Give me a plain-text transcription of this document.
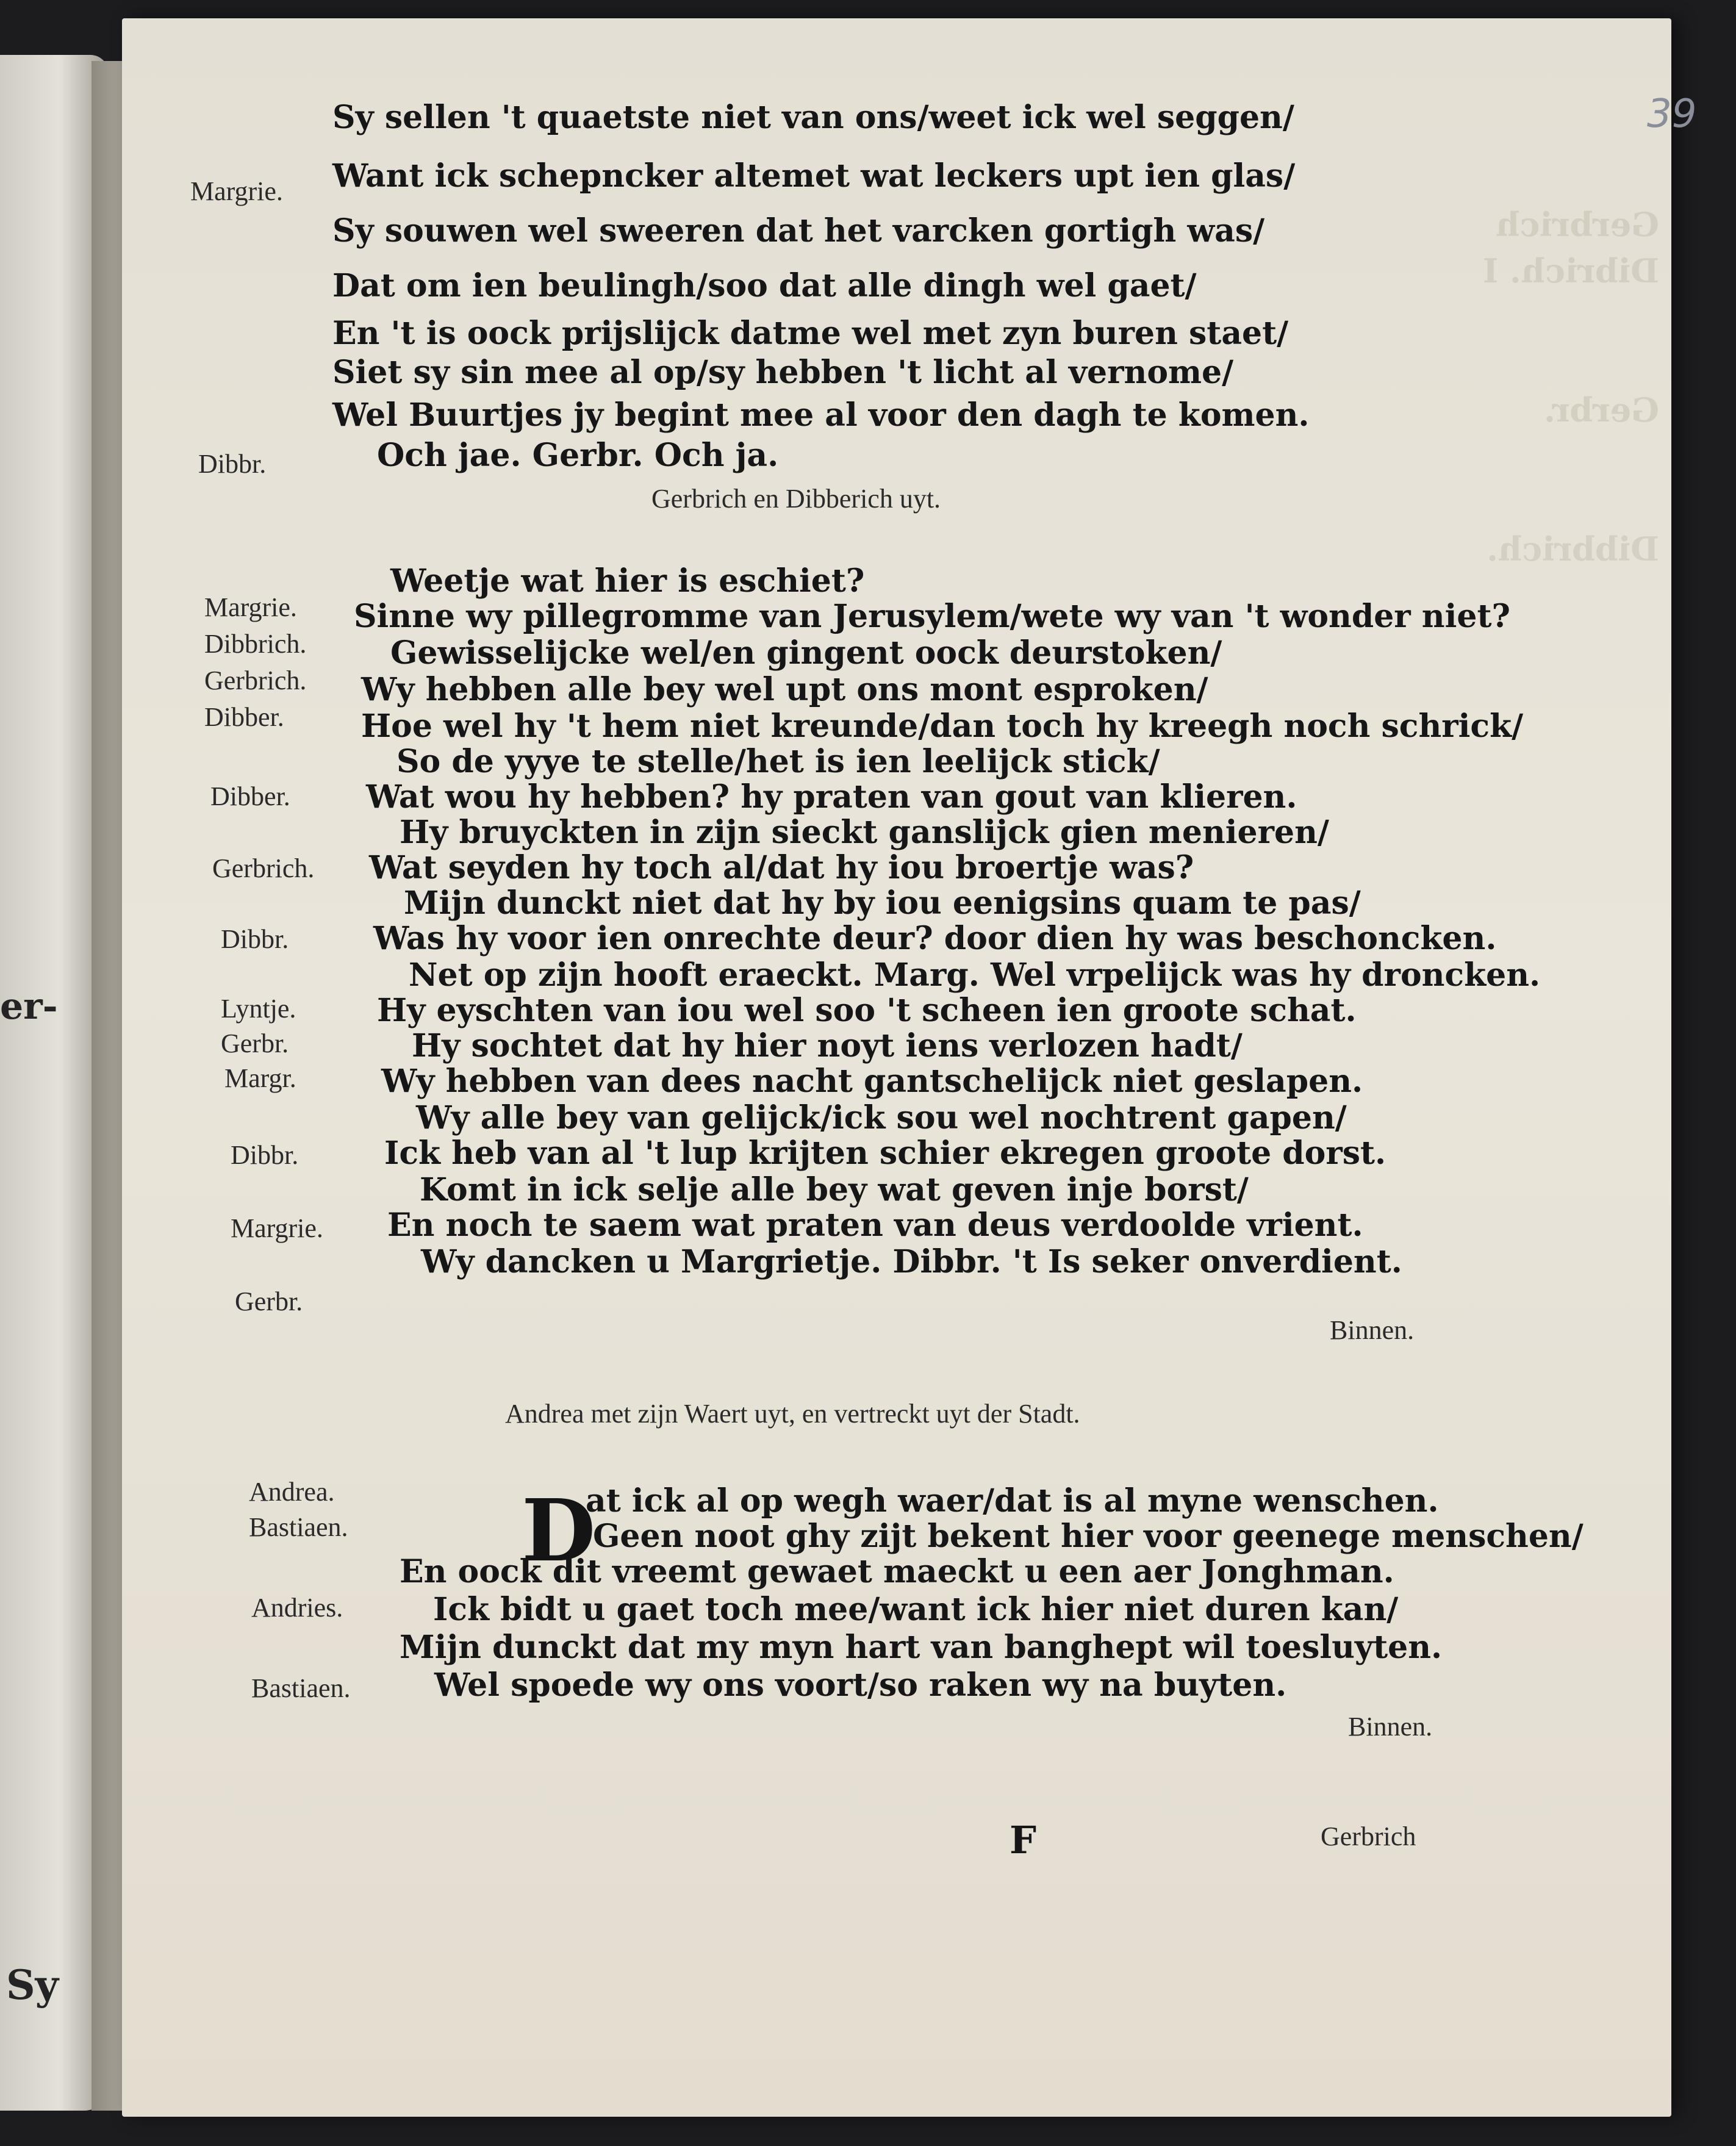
er-
Sy
39
Gerbrich
Dibrich. I

Gerbr.

Dibbrich.
Margrie.
Sy sellen 't quaetste niet van ons/weet ick wel seggen/
Want ick schepncker altemet wat leckers upt ien glas/
Sy souwen wel sweeren dat het varcken gortigh was/
Dat om ien beulingh/soo dat alle dingh wel gaet/
En 't is oock prijslijck datme wel met zyn buren staet/
Siet sy sin mee al op/sy hebben 't licht al vernome/
Wel Buurtjes jy begint mee al voor den dagh te komen.
Dibbr.	Och jae. Gerbr. Och ja.
Gerbrich en Dibberich uyt.
Margrie.
Dibbrich.
Gerbrich.
Dibber.
Dibber.
Gerbrich.
Dibbr.
Lyntje.
Gerbr.
Margr.
Dibbr.
Margrie.
Gerbr.
Weetje wat hier is eschiet?
Sinne wy pillegromme van Jerusylem/wete wy van 't wonder niet?
Gewisselijcke wel/en gingent oock deurstoken/
Wy hebben alle bey wel upt ons mont esproken/
Hoe wel hy 't hem niet kreunde/dan toch hy kreegh noch schrick/
So de yyye te stelle/het is ien leelijck stick/
Wat wou hy hebben? hy praten van gout van klieren.
Hy bruyckten in zijn sieckt ganslijck gien menieren/
Wat seyden hy toch al/dat hy iou broertje was?
Mijn dunckt niet dat hy by iou eenigsins quam te pas/
Was hy voor ien onrechte deur? door dien hy was beschoncken.
Net op zijn hooft eraeckt. Marg. Wel vrpelijck was hy droncken.
Hy eyschten van iou wel soo 't scheen ien groote schat.
Hy sochtet dat hy hier noyt iens verlozen hadt/
Wy hebben van dees nacht gantschelijck niet geslapen.
Wy alle bey van gelijck/ick sou wel nochtrent gapen/
Ick heb van al 't lup krijten schier ekregen groote dorst.
Komt in ick selje alle bey wat geven inje borst/
En noch te saem wat praten van deus verdoolde vrient.
Wy dancken u Margrietje. Dibbr. 't Is seker onverdient.
Binnen.
Andrea met zijn Waert uyt, en vertreckt uyt der Stadt.
Andrea.
Bastiaen.
Andries.
Bastiaen.
D
at ick al op wegh waer/dat is al myne wenschen.
Geen noot ghy zijt bekent hier voor geenege menschen/
En oock dit vreemt gewaet maeckt u een aer Jonghman.
Ick bidt u gaet toch mee/want ick hier niet duren kan/
Mijn dunckt dat my myn hart van banghept wil toesluyten.
Wel spoede wy ons voort/so raken wy na buyten.
Binnen.
F	Gerbrich
